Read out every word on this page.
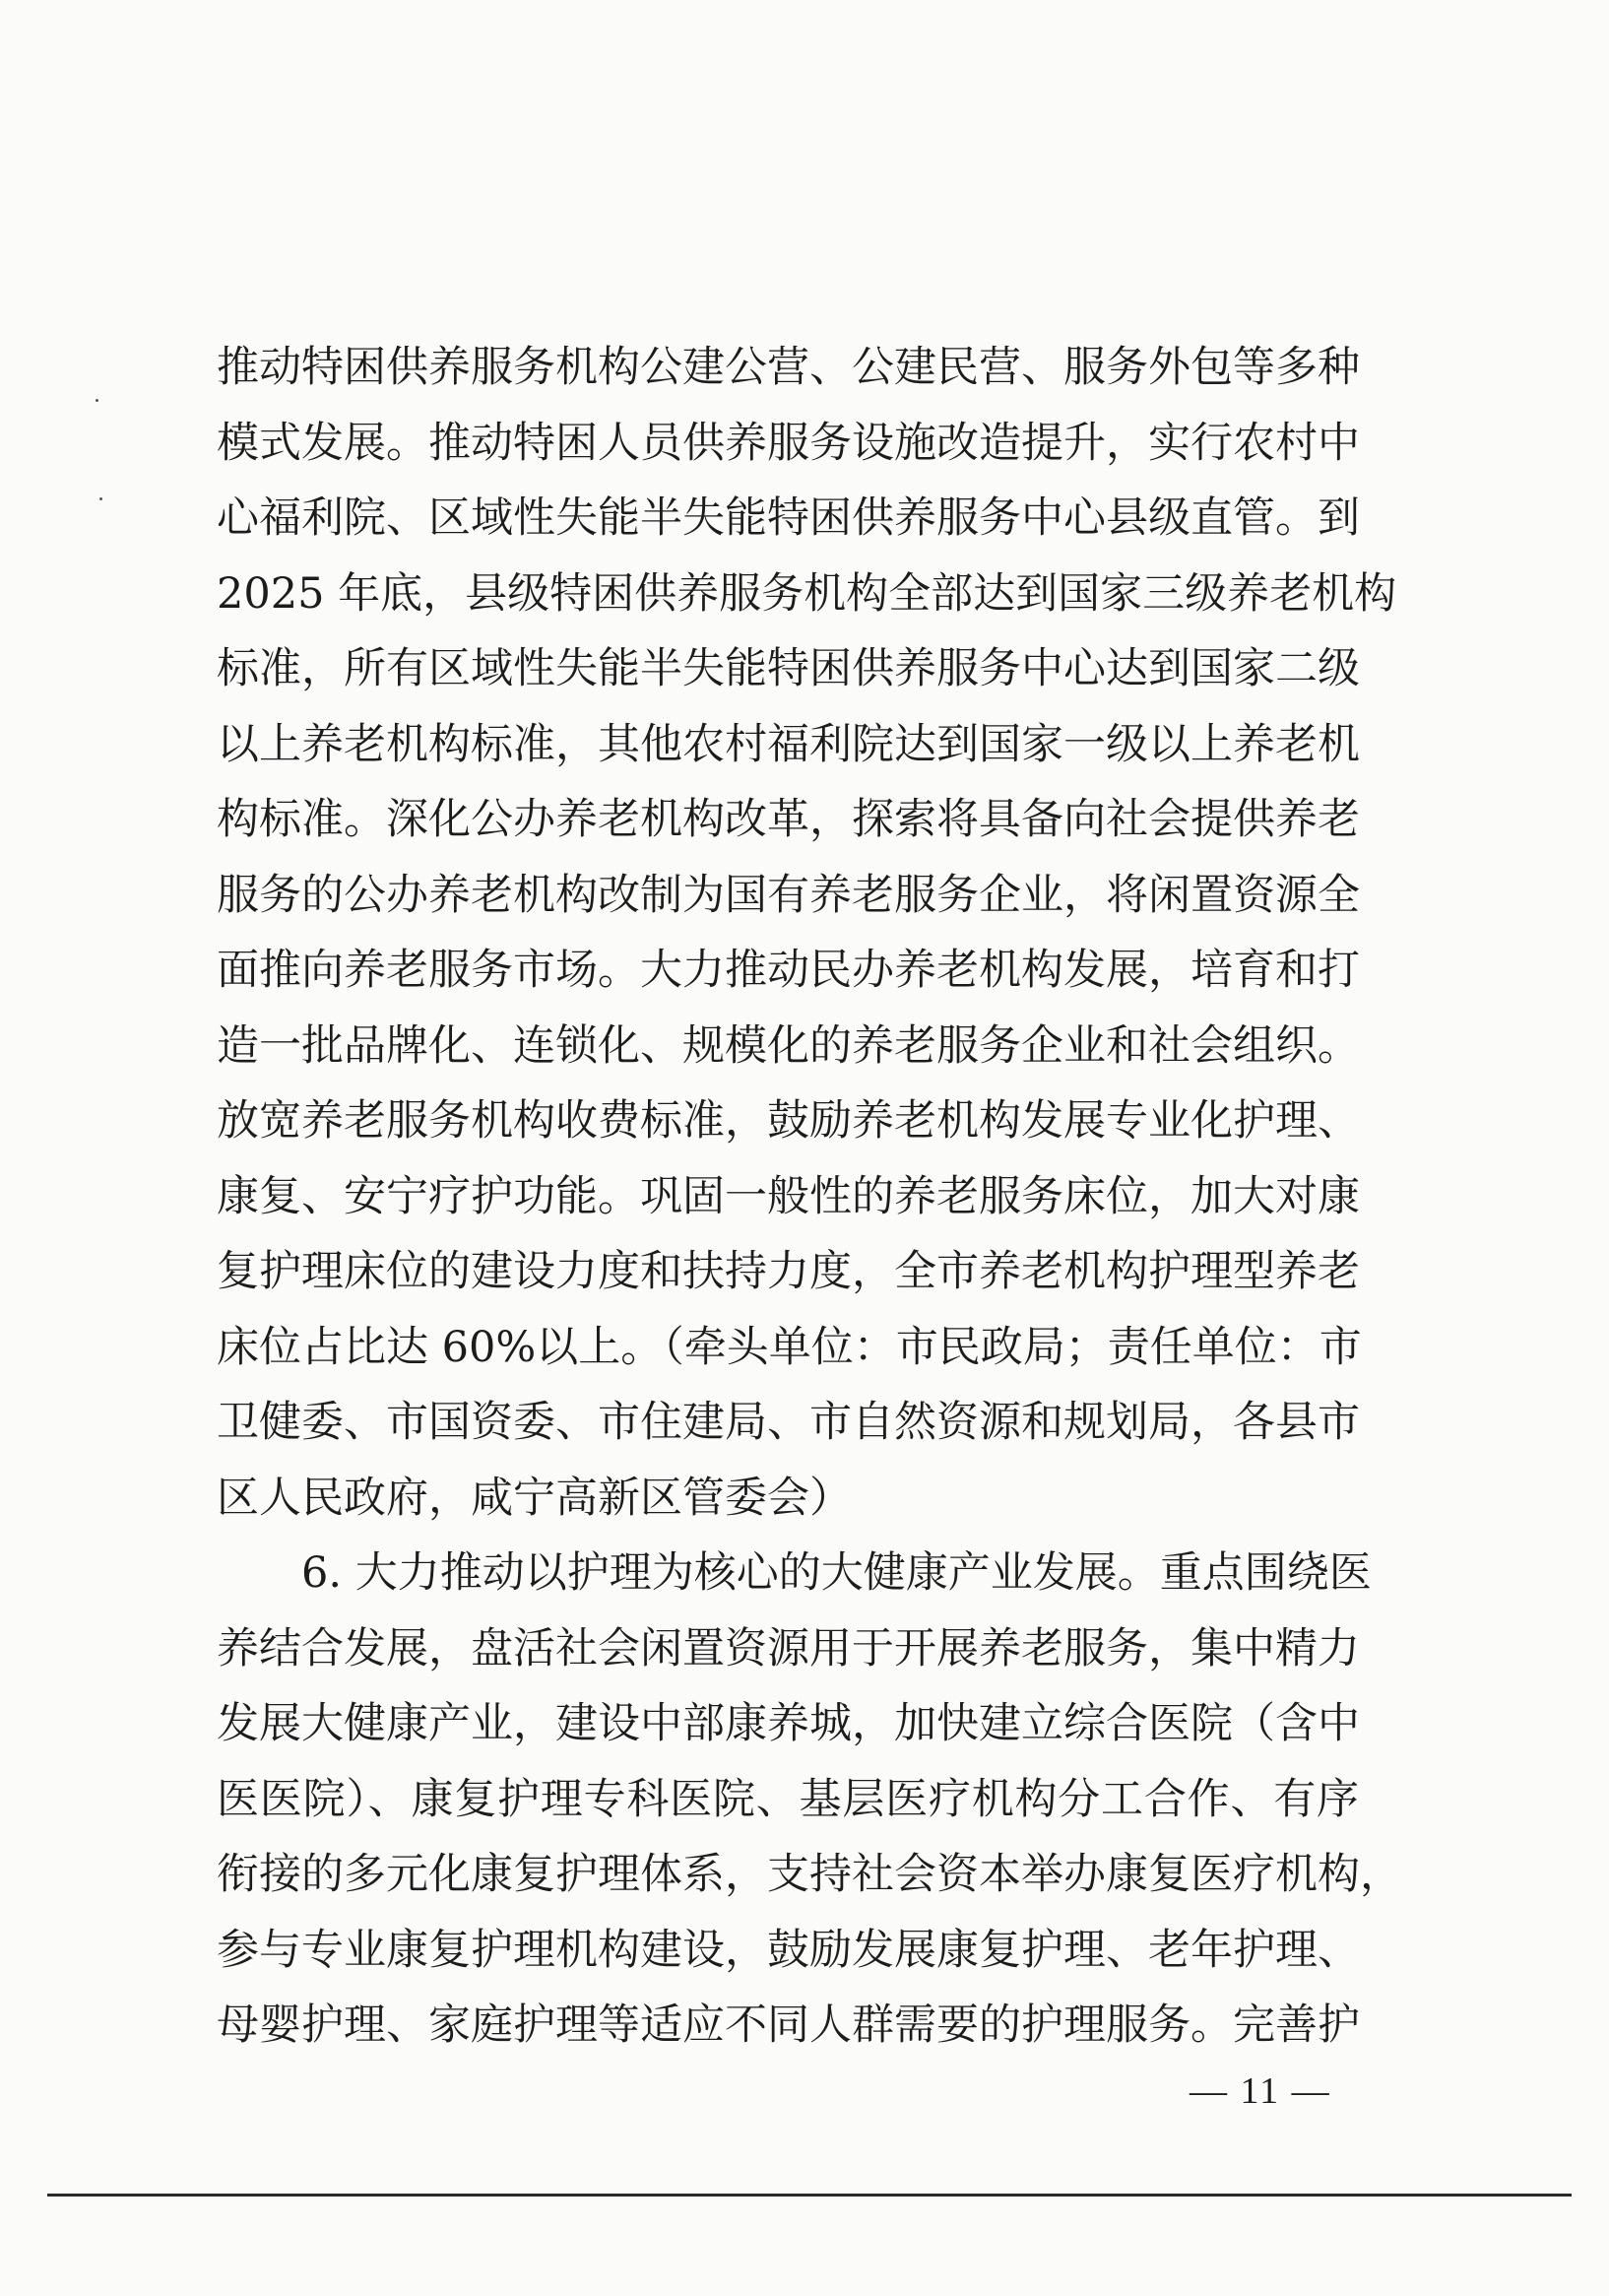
推动特困供养服务机构公建公营、公建民营、服务外包等多种
模式发展。推动特困人员供养服务设施改造提升，实行农村中
心福利院、区域性失能半失能特困供养服务中心县级直管。到
2025 年底，县级特困供养服务机构全部达到国家三级养老机构
标准，所有区域性失能半失能特困供养服务中心达到国家二级
以上养老机构标准，其他农村福利院达到国家一级以上养老机
构标准。深化公办养老机构改革，探索将具备向社会提供养老
服务的公办养老机构改制为国有养老服务企业，将闲置资源全
面推向养老服务市场。大力推动民办养老机构发展，培育和打
造一批品牌化、连锁化、规模化的养老服务企业和社会组织。
放宽养老服务机构收费标准，鼓励养老机构发展专业化护理、
康复、安宁疗护功能。巩固一般性的养老服务床位，加大对康
复护理床位的建设力度和扶持力度，全市养老机构护理型养老
床位占比达 60%以上。（牵头单位：市民政局；责任单位：市
卫健委、市国资委、市住建局、市自然资源和规划局，各县市
区人民政府，咸宁高新区管委会）
6. 大力推动以护理为核心的大健康产业发展。重点围绕医
养结合发展，盘活社会闲置资源用于开展养老服务，集中精力
发展大健康产业，建设中部康养城，加快建立综合医院（含中
医医院）、康复护理专科医院、基层医疗机构分工合作、有序
衔接的多元化康复护理体系，支持社会资本举办康复医疗机构，
参与专业康复护理机构建设，鼓励发展康复护理、老年护理、
母婴护理、家庭护理等适应不同人群需要的护理服务。完善护
— 11 —
